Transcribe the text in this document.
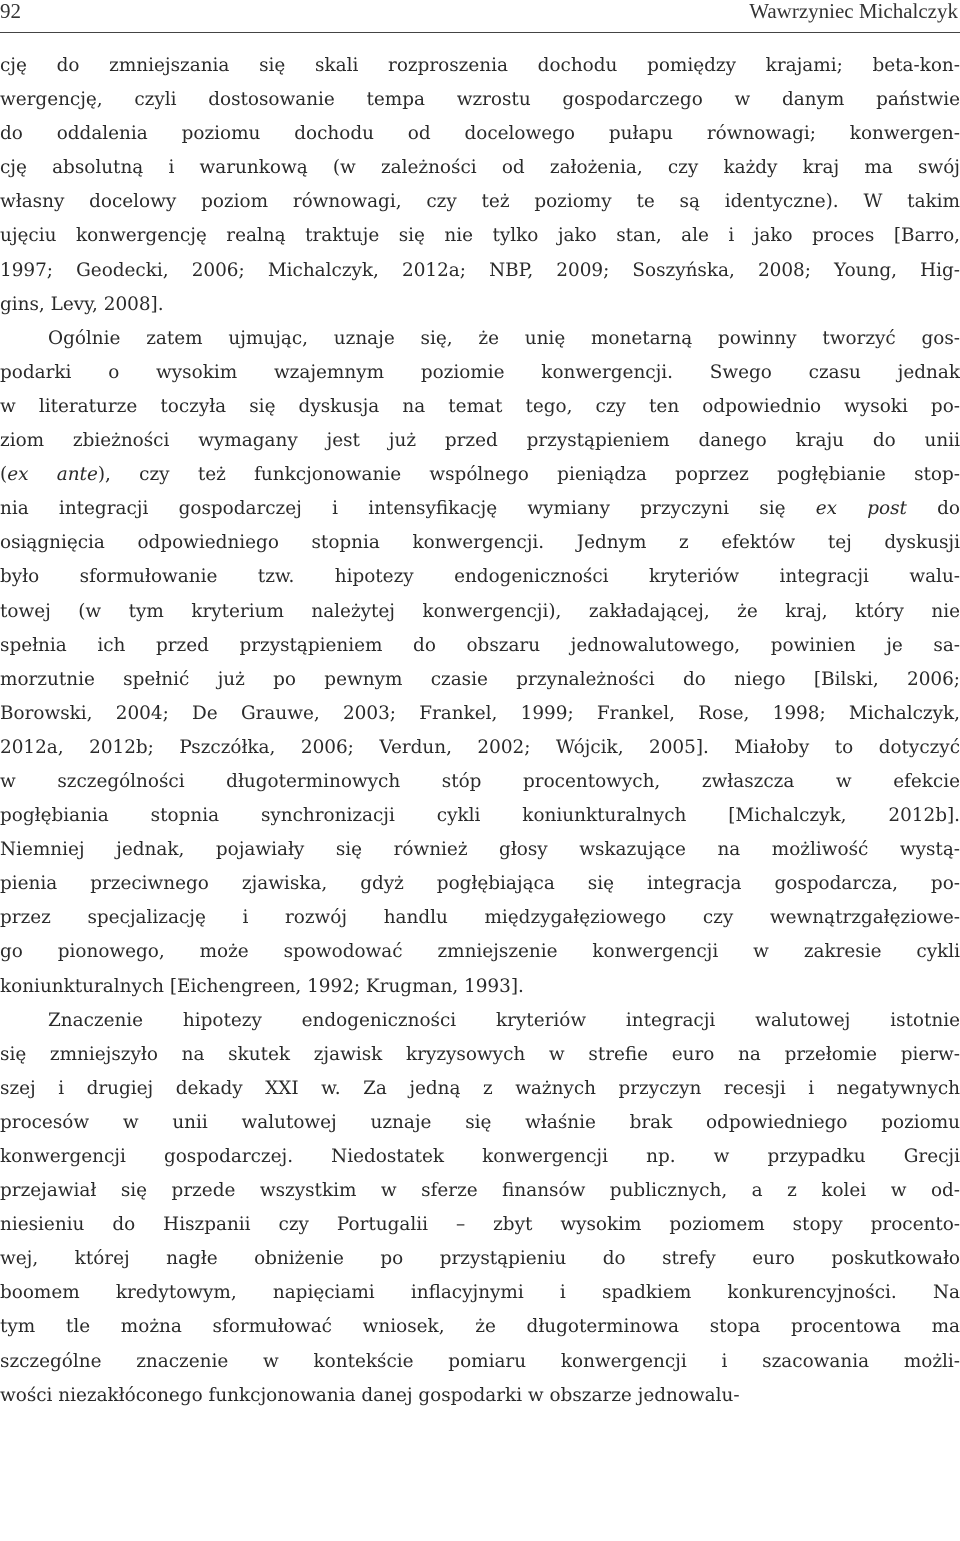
92	Wawrzyniec Michalczyk
cję do zmniejszania się skali rozproszenia dochodu pomiędzy krajami; beta-kon-
wergencję, czyli dostosowanie tempa wzrostu gospodarczego w danym państwie
do oddalenia poziomu dochodu od docelowego pułapu równowagi; konwergen-
cję absolutną i warunkową (w zależności od założenia, czy każdy kraj ma swój
własny docelowy poziom równowagi, czy też poziomy te są identyczne). W takim
ujęciu konwergencję realną traktuje się nie tylko jako stan, ale i jako proces [Barro,
1997; Geodecki, 2006; Michalczyk, 2012a; NBP, 2009; Soszyńska, 2008; Young, Hig-
gins, Levy, 2008].
Ogólnie zatem ujmując, uznaje się, że unię monetarną powinny tworzyć gos-
podarki o wysokim wzajemnym poziomie konwergencji. Swego czasu jednak
w literaturze toczyła się dyskusja na temat tego, czy ten odpowiednio wysoki po-
ziom zbieżności wymagany jest już przed przystąpieniem danego kraju do unii
(ex ante), czy też funkcjonowanie wspólnego pieniądza poprzez pogłębianie stop-
nia integracji gospodarczej i intensyfikację wymiany przyczyni się ex post do
osiągnięcia odpowiedniego stopnia konwergencji. Jednym z efektów tej dyskusji
było sformułowanie tzw. hipotezy endogeniczności kryteriów integracji walu-
towej (w tym kryterium należytej konwergencji), zakładającej, że kraj, który nie
spełnia ich przed przystąpieniem do obszaru jednowalutowego, powinien je sa-
morzutnie spełnić już po pewnym czasie przynależności do niego [Bilski, 2006;
Borowski, 2004; De Grauwe, 2003; Frankel, 1999; Frankel, Rose, 1998; Michalczyk,
2012a, 2012b; Pszczółka, 2006; Verdun, 2002; Wójcik, 2005]. Miałoby to dotyczyć
w szczególności długoterminowych stóp procentowych, zwłaszcza w efekcie
pogłębiania stopnia synchronizacji cykli koniunkturalnych [Michalczyk, 2012b].
Niemniej jednak, pojawiały się również głosy wskazujące na możliwość wystą-
pienia przeciwnego zjawiska, gdyż pogłębiająca się integracja gospodarcza, po-
przez specjalizację i rozwój handlu międzygałęziowego czy wewnątrzgałęziowe-
go pionowego, może spowodować zmniejszenie konwergencji w zakresie cykli
koniunkturalnych [Eichengreen, 1992; Krugman, 1993].
Znaczenie hipotezy endogeniczności kryteriów integracji walutowej istotnie
się zmniejszyło na skutek zjawisk kryzysowych w strefie euro na przełomie pierw-
szej i drugiej dekady XXI w. Za jedną z ważnych przyczyn recesji i negatywnych
procesów w unii walutowej uznaje się właśnie brak odpowiedniego poziomu
konwergencji gospodarczej. Niedostatek konwergencji np. w przypadku Grecji
przejawiał się przede wszystkim w sferze finansów publicznych, a z kolei w od-
niesieniu do Hiszpanii czy Portugalii – zbyt wysokim poziomem stopy procento-
wej, której nagłe obniżenie po przystąpieniu do strefy euro poskutkowało
boomem kredytowym, napięciami inflacyjnymi i spadkiem konkurencyjności. Na
tym tle można sformułować wniosek, że długoterminowa stopa procentowa ma
szczególne znaczenie w kontekście pomiaru konwergencji i szacowania możli-
wości niezakłóconego funkcjonowania danej gospodarki w obszarze jednowalu-
